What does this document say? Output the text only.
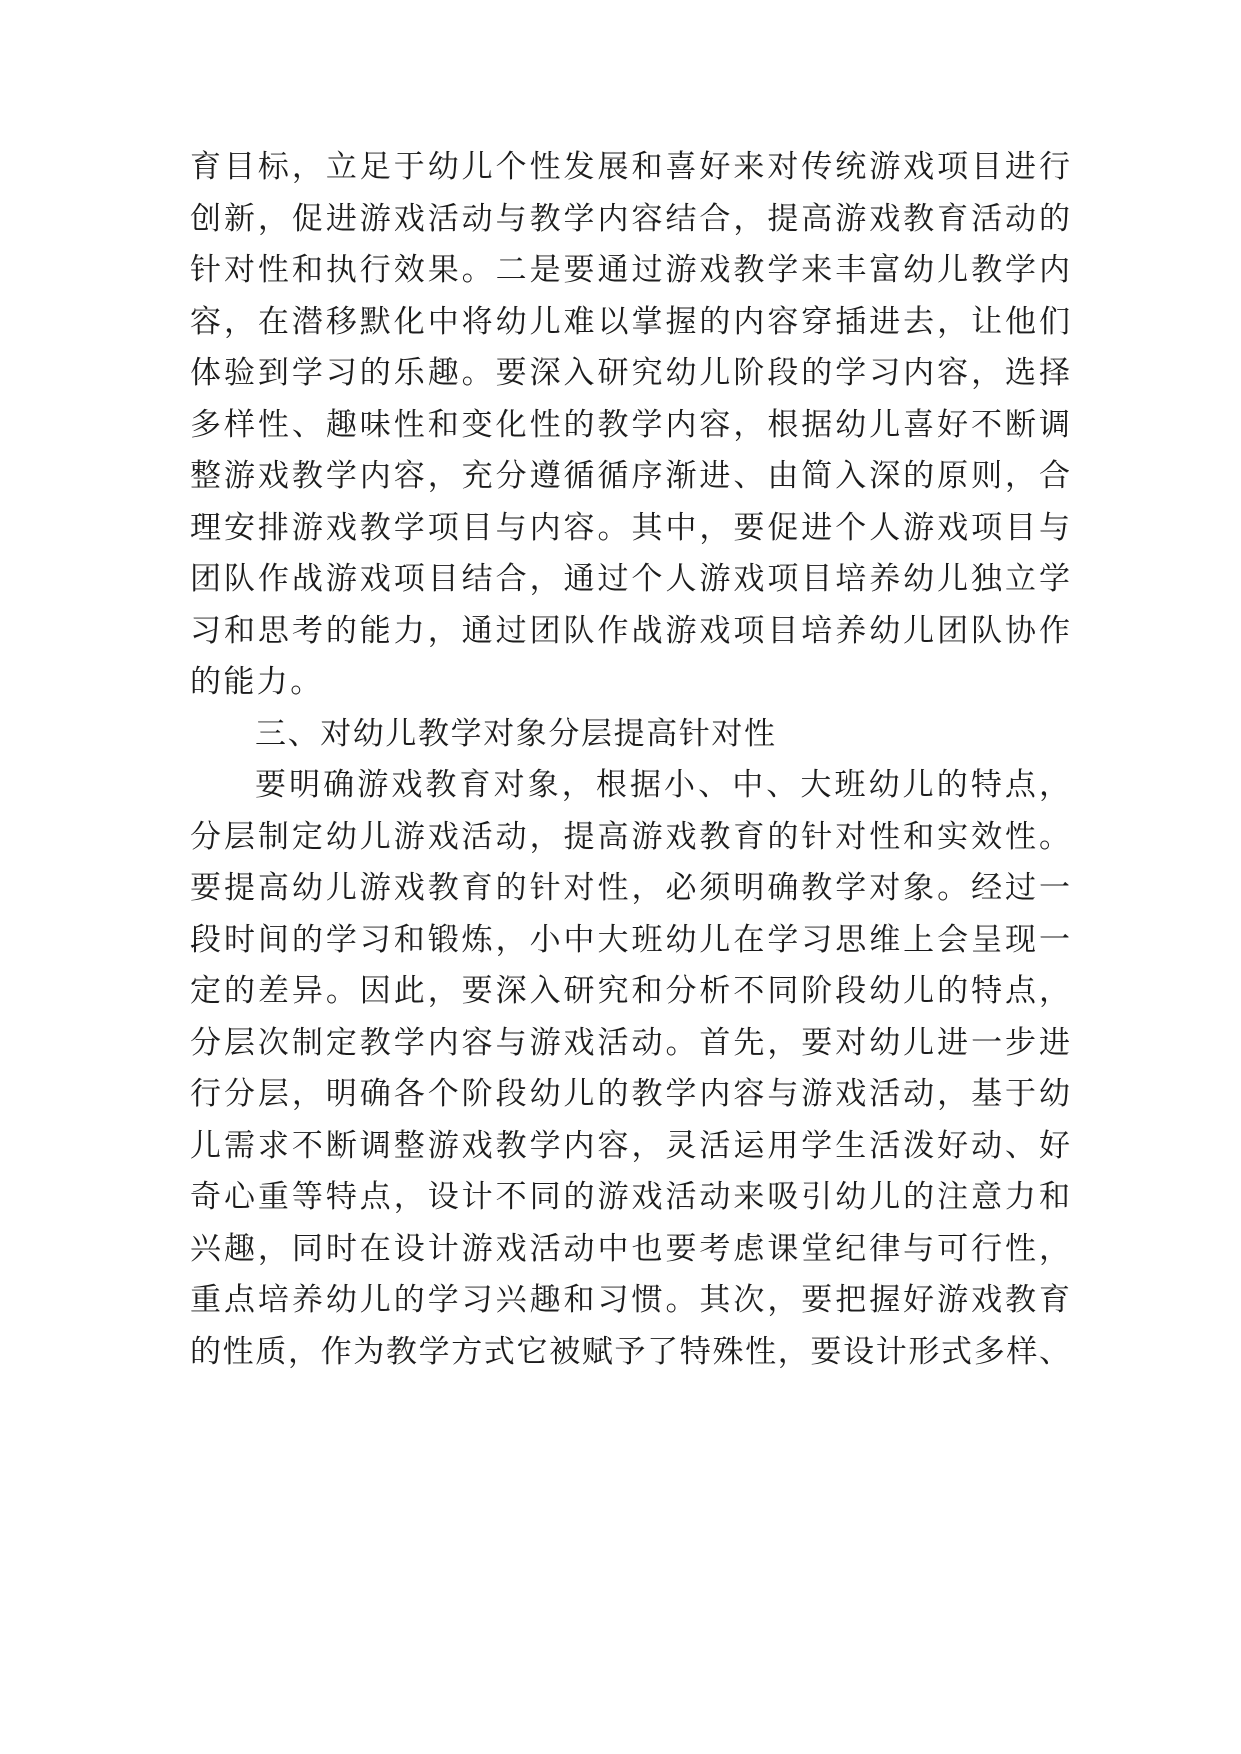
育目标，立足于幼儿个性发展和喜好来对传统游戏项目进行
创新，促进游戏活动与教学内容结合，提高游戏教育活动的
针对性和执行效果。二是要通过游戏教学来丰富幼儿教学内
容，在潜移默化中将幼儿难以掌握的内容穿插进去，让他们
体验到学习的乐趣。要深入研究幼儿阶段的学习内容，选择
多样性、趣味性和变化性的教学内容，根据幼儿喜好不断调
整游戏教学内容，充分遵循循序渐进、由简入深的原则，合
理安排游戏教学项目与内容。其中，要促进个人游戏项目与
团队作战游戏项目结合，通过个人游戏项目培养幼儿独立学
习和思考的能力，通过团队作战游戏项目培养幼儿团队协作
的能力。
三、对幼儿教学对象分层提高针对性
要明确游戏教育对象，根据小、中、大班幼儿的特点，
分层制定幼儿游戏活动，提高游戏教育的针对性和实效性。
要提高幼儿游戏教育的针对性，必须明确教学对象。经过一
段时间的学习和锻炼，小中大班幼儿在学习思维上会呈现一
定的差异。因此，要深入研究和分析不同阶段幼儿的特点，
分层次制定教学内容与游戏活动。首先，要对幼儿进一步进
行分层，明确各个阶段幼儿的教学内容与游戏活动，基于幼
儿需求不断调整游戏教学内容，灵活运用学生活泼好动、好
奇心重等特点，设计不同的游戏活动来吸引幼儿的注意力和
兴趣，同时在设计游戏活动中也要考虑课堂纪律与可行性，
重点培养幼儿的学习兴趣和习惯。其次，要把握好游戏教育
的性质，作为教学方式它被赋予了特殊性，要设计形式多样、
